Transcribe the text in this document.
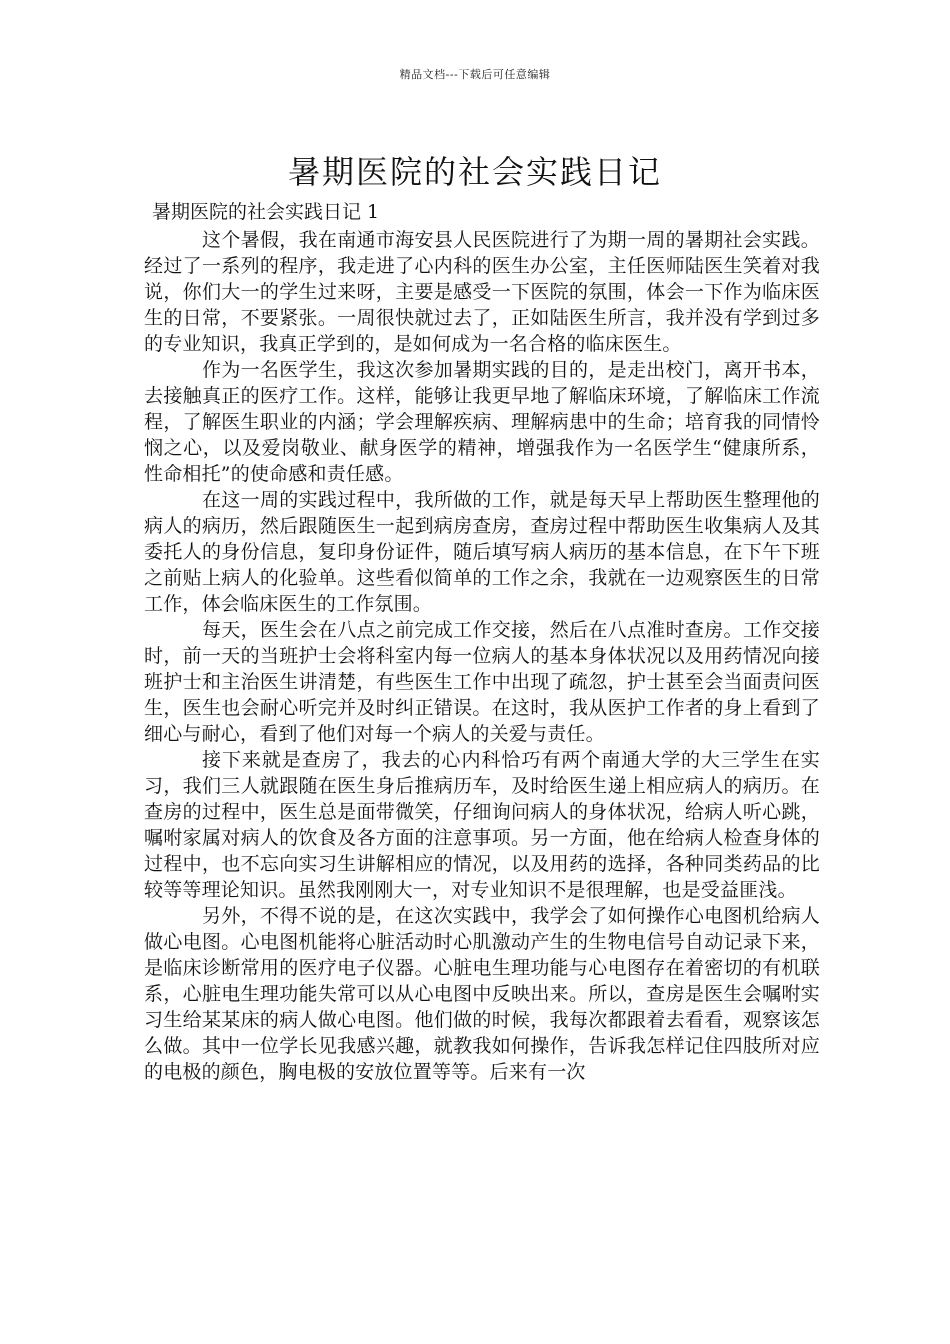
精品文档---下载后可任意编辑
暑期医院的社会实践日记

暑期医院的社会实践日记 1

这个暑假，我在南通市海安县人民医院进行了为期一周的暑期社会实践。经过了一系列的程序，我走进了心内科的医生办公室，主任医师陆医生笑着对我说，你们大一的学生过来呀，主要是感受一下医院的氛围，体会一下作为临床医生的日常，不要紧张。一周很快就过去了，正如陆医生所言，我并没有学到过多的专业知识，我真正学到的，是如何成为一名合格的临床医生。

作为一名医学生，我这次参加暑期实践的目的，是走出校门，离开书本，去接触真正的医疗工作。这样，能够让我更早地了解临床环境，了解临床工作流程，了解医生职业的内涵；学会理解疾病、理解病患中的生命；培育我的同情怜悯之心，以及爱岗敬业、献身医学的精神，增强我作为一名医学生“健康所系，性命相托”的使命感和责任感。

在这一周的实践过程中，我所做的工作，就是每天早上帮助医生整理他的病人的病历，然后跟随医生一起到病房查房，查房过程中帮助医生收集病人及其委托人的身份信息，复印身份证件，随后填写病人病历的基本信息，在下午下班之前贴上病人的化验单。这些看似简单的工作之余，我就在一边观察医生的日常工作，体会临床医生的工作氛围。

每天，医生会在八点之前完成工作交接，然后在八点准时查房。工作交接时，前一天的当班护士会将科室内每一位病人的基本身体状况以及用药情况向接班护士和主治医生讲清楚，有些医生工作中出现了疏忽，护士甚至会当面责问医生，医生也会耐心听完并及时纠正错误。在这时，我从医护工作者的身上看到了细心与耐心，看到了他们对每一个病人的关爱与责任。

接下来就是查房了，我去的心内科恰巧有两个南通大学的大三学生在实习，我们三人就跟随在医生身后推病历车，及时给医生递上相应病人的病历。在查房的过程中，医生总是面带微笑，仔细询问病人的身体状况，给病人听心跳，嘱咐家属对病人的饮食及各方面的注意事项。另一方面，他在给病人检查身体的过程中，也不忘向实习生讲解相应的情况，以及用药的选择，各种同类药品的比较等等理论知识。虽然我刚刚大一，对专业知识不是很理解，也是受益匪浅。

另外，不得不说的是，在这次实践中，我学会了如何操作心电图机给病人做心电图。心电图机能将心脏活动时心肌激动产生的生物电信号自动记录下来，是临床诊断常用的医疗电子仪器。心脏电生理功能与心电图存在着密切的有机联系，心脏电生理功能失常可以从心电图中反映出来。所以，查房是医生会嘱咐实习生给某某床的病人做心电图。他们做的时候，我每次都跟着去看看，观察该怎么做。其中一位学长见我感兴趣，就教我如何操作，告诉我怎样记住四肢所对应的电极的颜色，胸电极的安放位置等等。后来有一次
